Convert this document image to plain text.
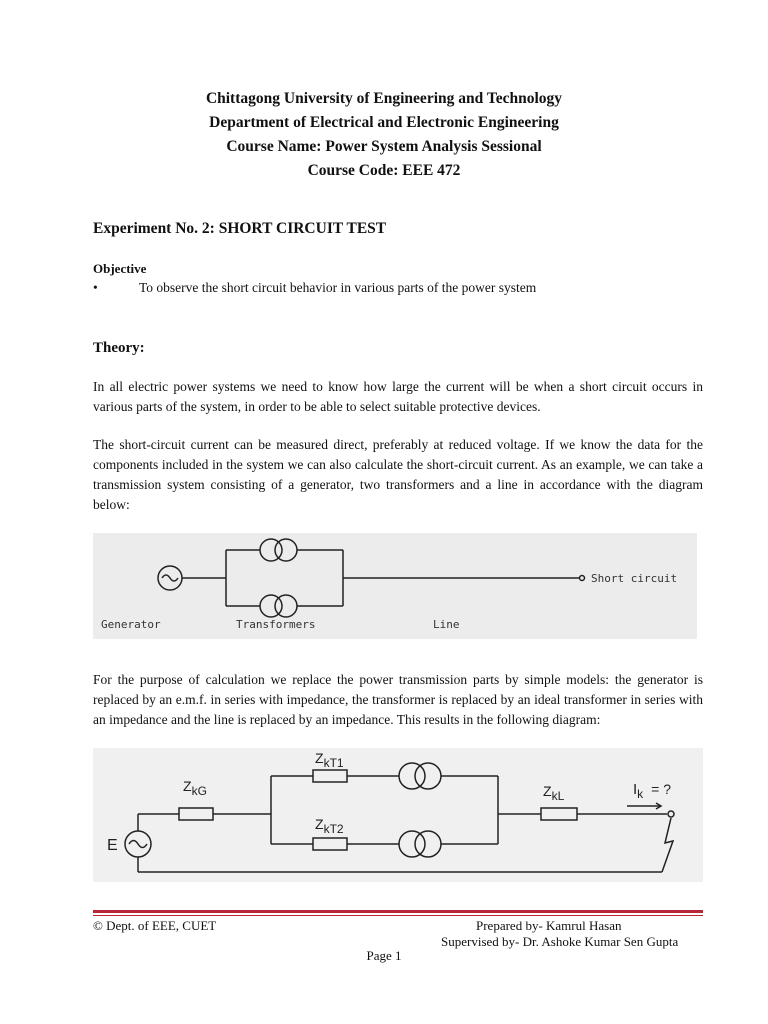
Chittagong University of Engineering and Technology
Department of Electrical and Electronic Engineering
Course Name: Power System Analysis Sessional
Course Code: EEE 472
Experiment No. 2: SHORT CIRCUIT TEST
Objective
•	To observe the short circuit behavior in various parts of the power system
Theory:
In all electric power systems we need to know how large the current will be when a short circuit occurs in various parts of the system, in order to be able to select suitable protective devices.
The short-circuit current can be measured direct, preferably at reduced voltage. If we know the data for the components included in the system we can also calculate the short-circuit current. As an example, we can take a transmission system consisting of a generator, two transformers and a line in accordance with the diagram below:
Generator	Transformers	Line
Short circuit
For the purpose of calculation we replace the power transmission parts by simple models: the generator is replaced by an e.m.f. in series with impedance, the transformer is replaced by an ideal transformer in series with an impedance and the line is replaced by an impedance. This results in the following diagram:
ZkG
ZkT1
ZkT2
ZkL	$I_k$ = ?
E
© Dept. of EEE, CUET	Prepared by- Kamrul Hasan
Supervised by- Dr. Ashoke Kumar Sen Gupta
Page 1
